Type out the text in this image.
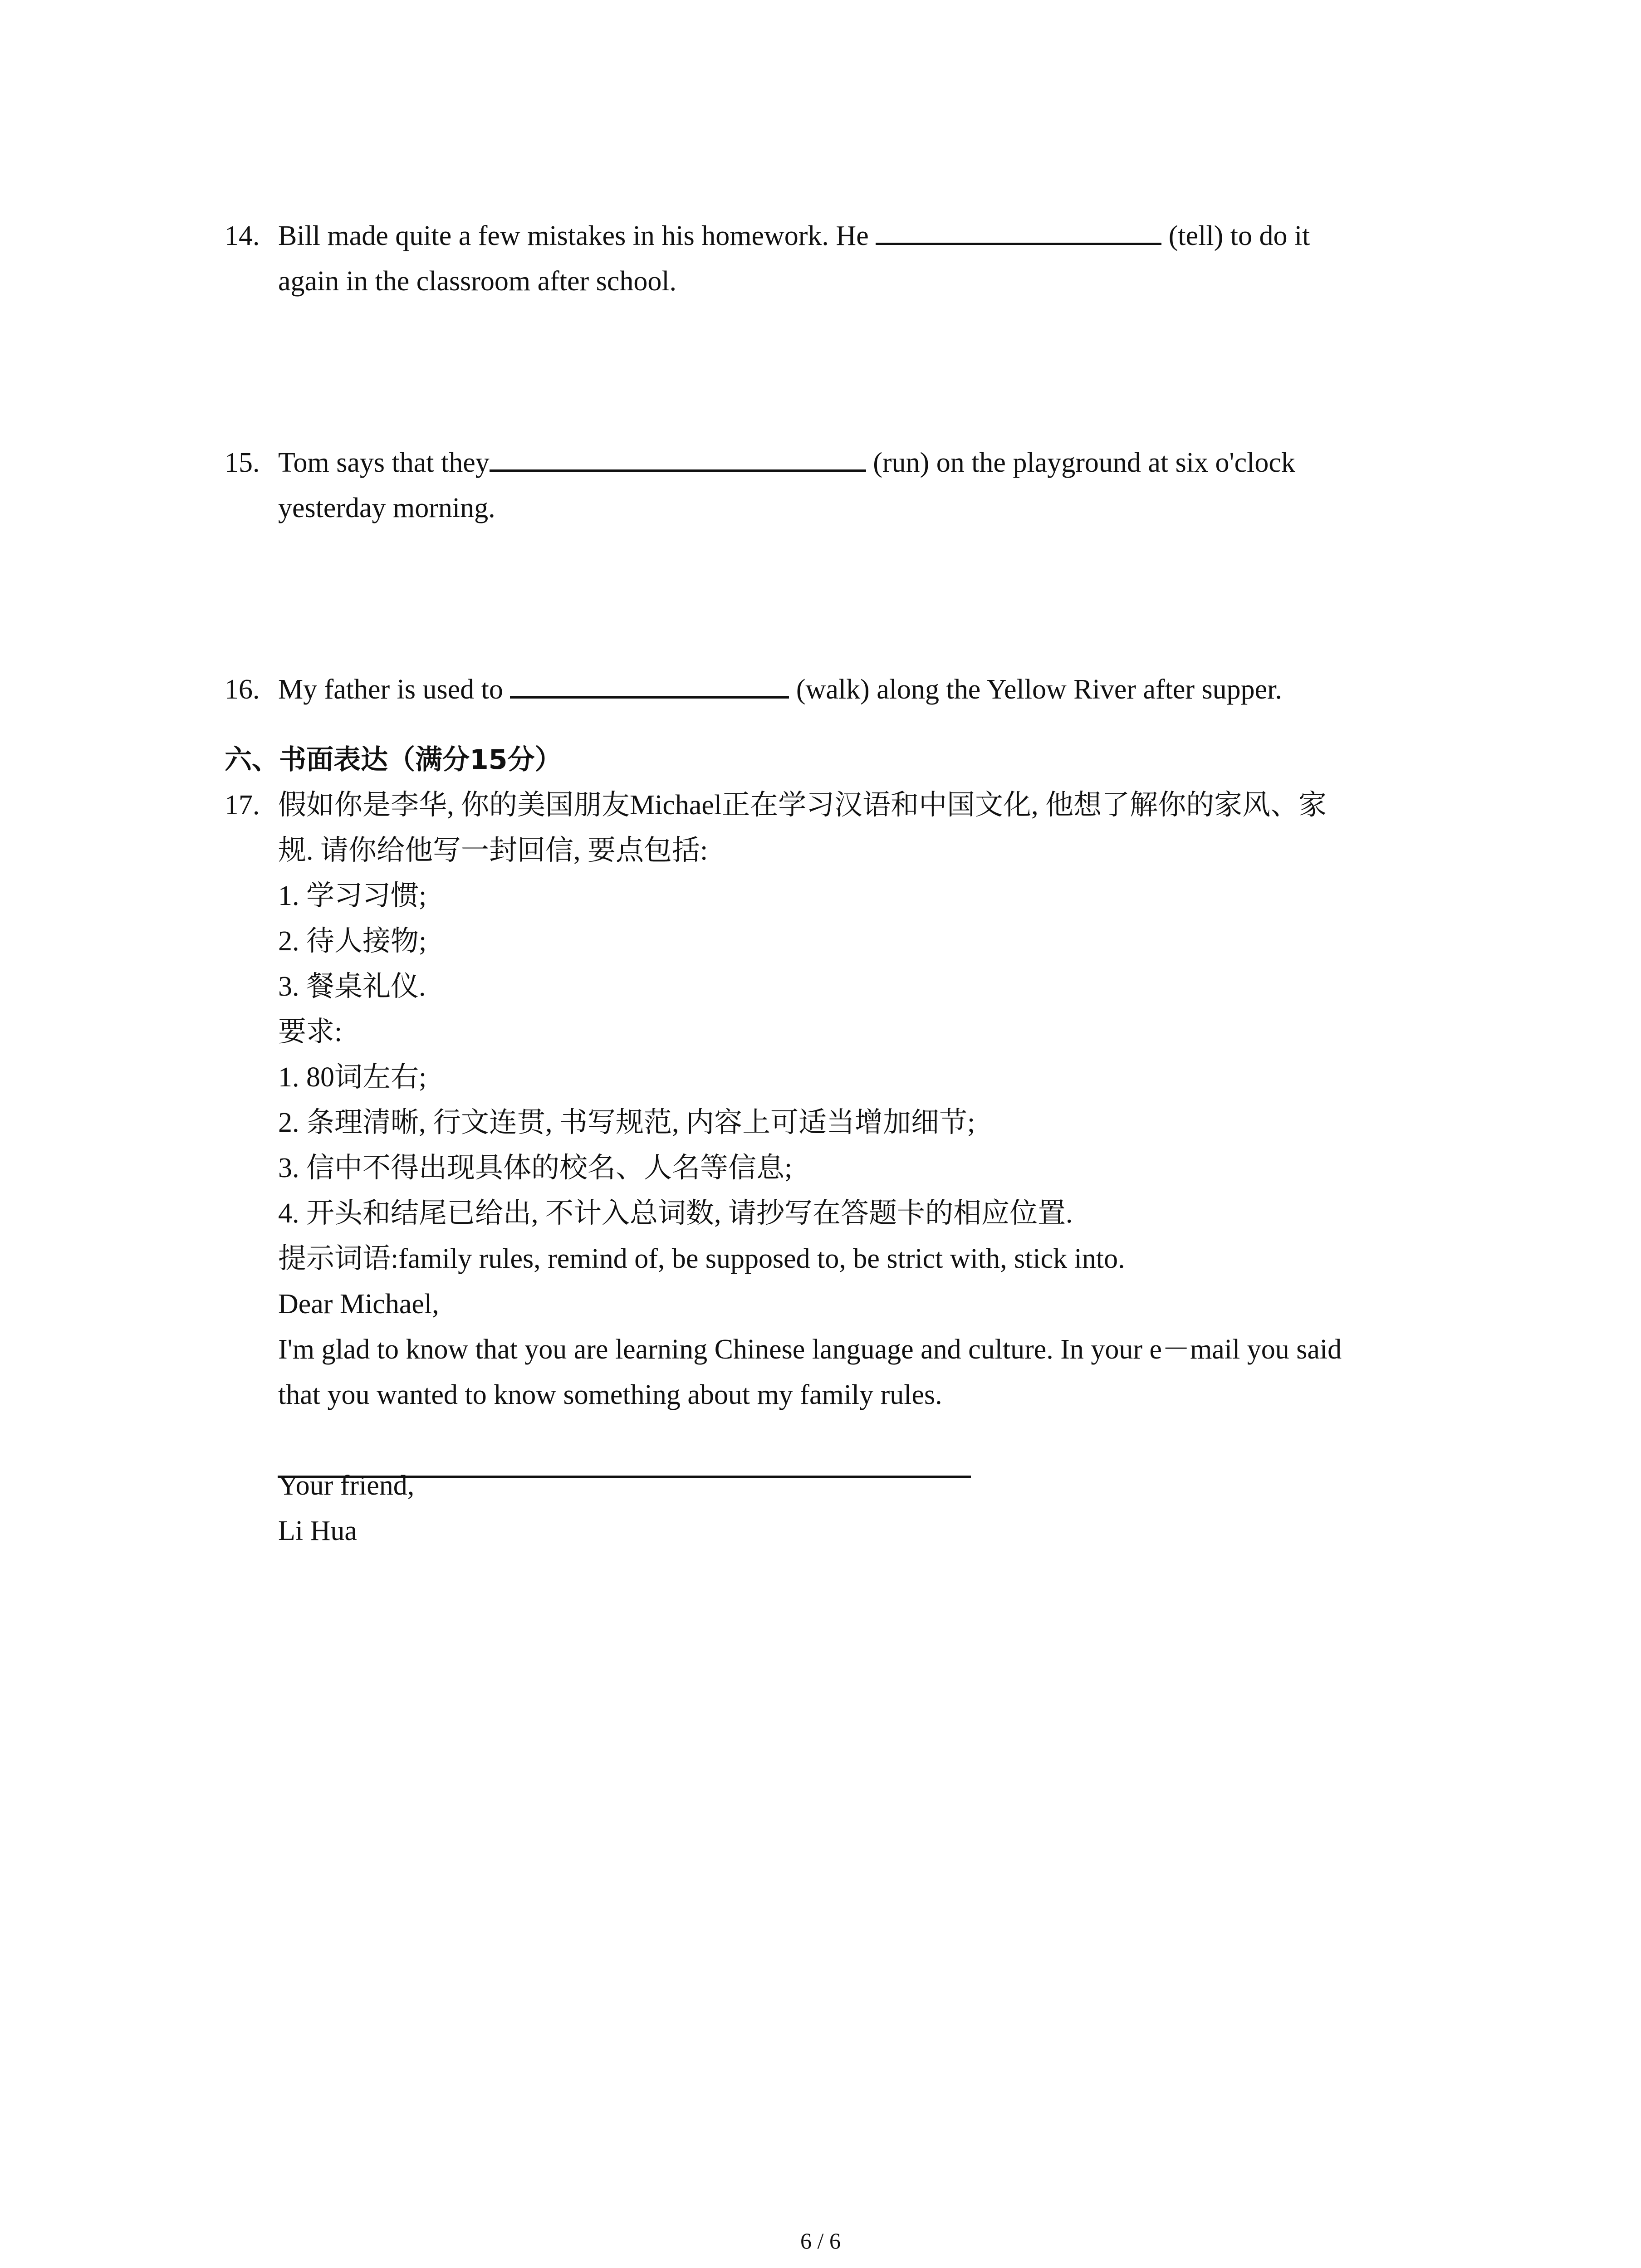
14. Bill made quite a few mistakes in his homework. He	(tell) to do it
again in the classroom after school.
15. Tom says that they	(run) on the playground at six o'clock
yesterday morning.
16. My father is used to	(walk) along the Yellow River after supper.
六、书面表达（满分15分）
17. 假如你是李华, 你的美国朋友Michael正在学习汉语和中国文化, 他想了解你的家风、家
规. 请你给他写一封回信, 要点包括:
1. 学习习惯;
2. 待人接物;
3. 餐桌礼仪.
要求:
1. 80词左右;
2. 条理清晰, 行文连贯, 书写规范, 内容上可适当增加细节;
3. 信中不得出现具体的校名、人名等信息;
4. 开头和结尾已给出, 不计入总词数, 请抄写在答题卡的相应位置.
提示词语:family rules, remind of, be supposed to, be strict with, stick into.
Dear Michael,
I'm glad to know that you are learning Chinese language and culture. In your e－mail you said
that you wanted to know something about my family rules.
Your friend,
Li Hua
6 / 6
